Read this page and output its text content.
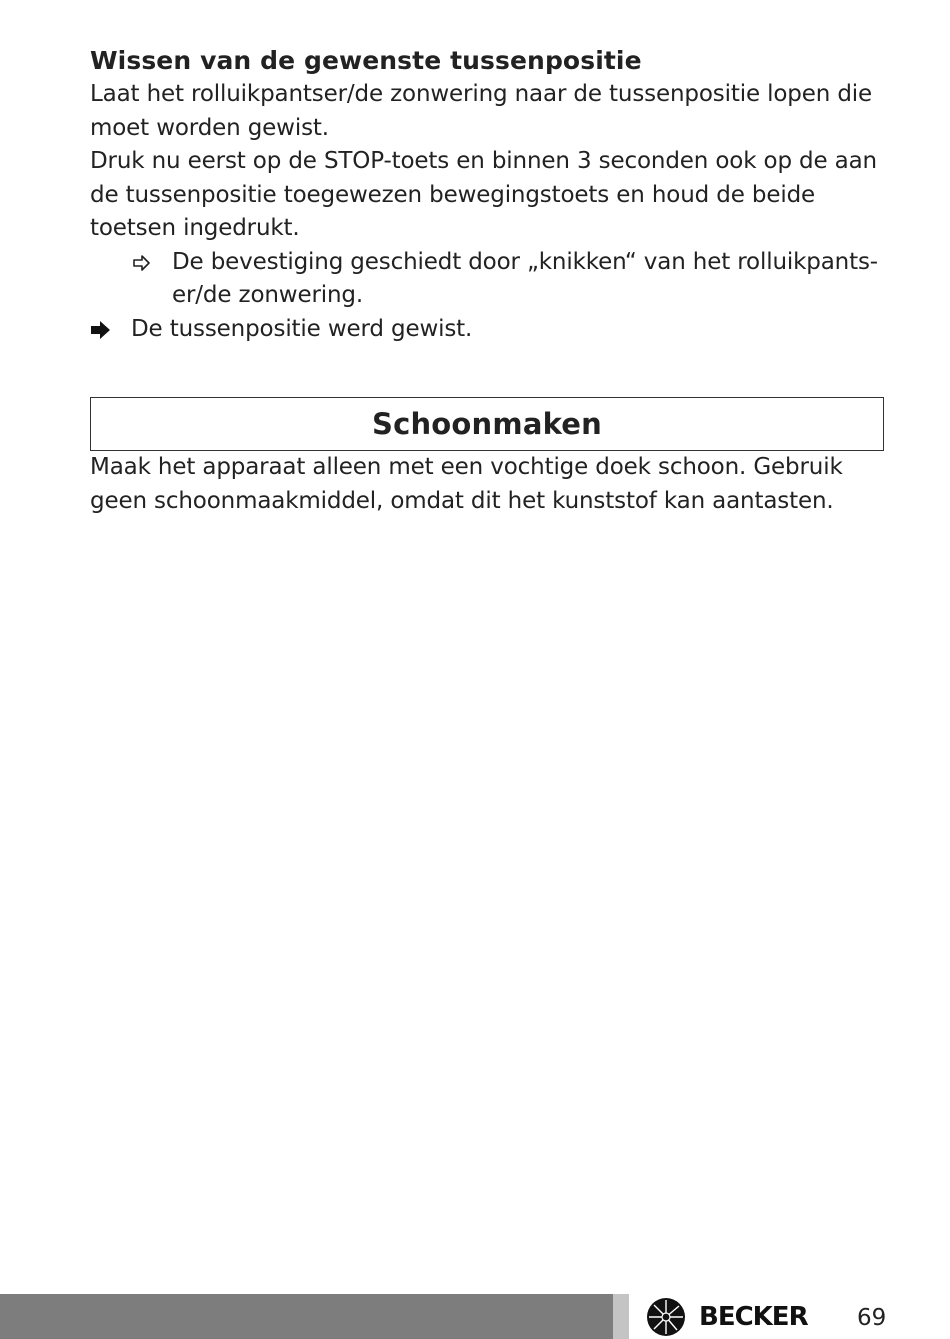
Wissen van de gewenste tussenpositie

Laat het rolluikpantser/de zonwering naar de tussenpositie lopen die moet worden gewist.

Druk nu eerst op de STOP-toets en binnen 3 seconden ook op de aan de tussenpositie toegewezen bewegingstoets en houd de beide toetsen ingedrukt.

De bevestiging geschiedt door „knikken“ van het rolluikpants-
er/de zonwering.
De tussenpositie werd gewist.
Schoonmaken

Maak het apparaat alleen met een vochtige doek schoon. Gebruik geen schoonmaakmiddel, omdat dit het kunststof kan aantasten.

BECKER 69
